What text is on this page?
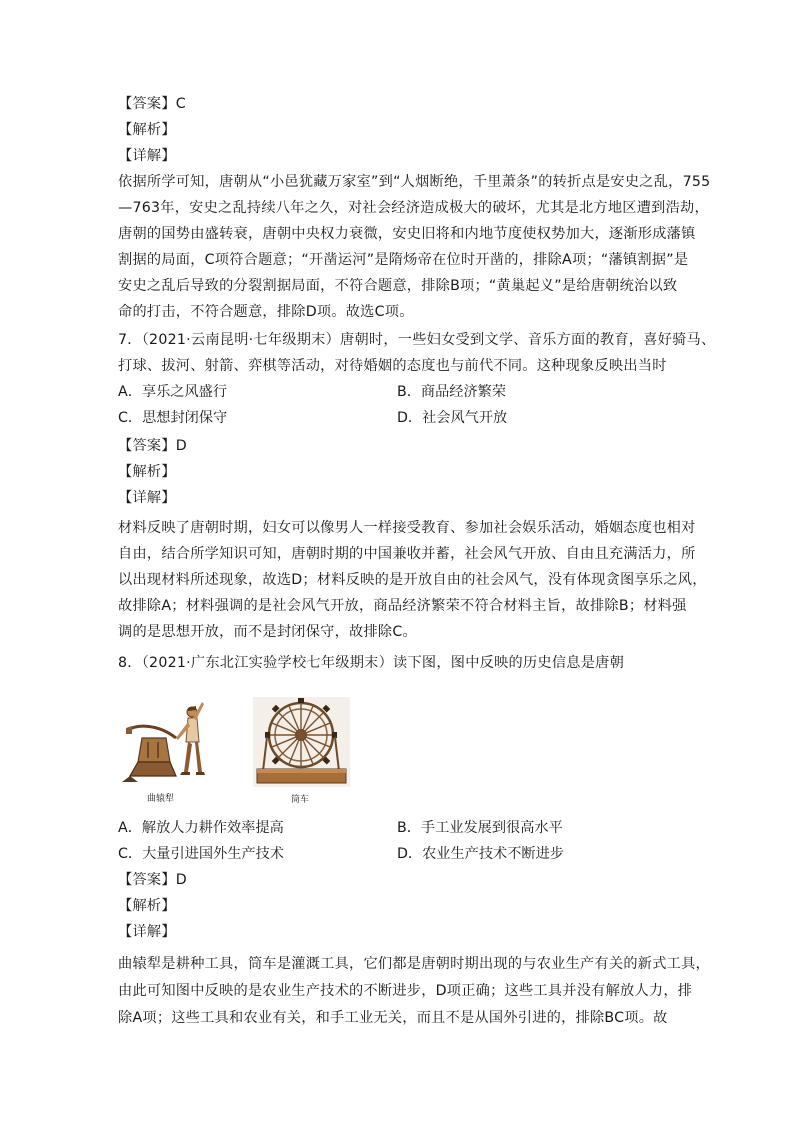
【答案】C
【解析】
【详解】
依据所学可知，唐朝从“小邑犹藏万家室”到“人烟断绝，千里萧条”的转折点是安史之乱，755
—763年，安史之乱持续八年之久，对社会经济造成极大的破坏，尤其是北方地区遭到浩劫，
唐朝的国势由盛转衰，唐朝中央权力衰微，安史旧将和内地节度使权势加大，逐渐形成藩镇
割据的局面，C项符合题意；“开凿运河”是隋炀帝在位时开凿的，排除A项；“藩镇割据”是
安史之乱后导致的分裂割据局面，不符合题意，排除B项；“黄巢起义”是给唐朝统治以致
命的打击，不符合题意，排除D项。故选C项。
7．（2021·云南昆明·七年级期末）唐朝时，一些妇女受到文学、音乐方面的教育，喜好骑马、
打球、拔河、射箭、弈棋等活动，对待婚姻的态度也与前代不同。这种现象反映出当时
A．享乐之风盛行	B．商品经济繁荣
C．思想封闭保守	D．社会风气开放
【答案】D
【解析】
【详解】
材料反映了唐朝时期，妇女可以像男人一样接受教育、参加社会娱乐活动，婚姻态度也相对
自由，结合所学知识可知，唐朝时期的中国兼收并蓄，社会风气开放、自由且充满活力，所
以出现材料所述现象，故选D；材料反映的是开放自由的社会风气，没有体现贪图享乐之风，
故排除A；材料强调的是社会风气开放，商品经济繁荣不符合材料主旨，故排除B；材料强
调的是思想开放，而不是封闭保守，故排除C。
8．（2021·广东北江实验学校七年级期末）读下图，图中反映的历史信息是唐朝
曲辕犁	筒车
A．解放人力耕作效率提高	B．手工业发展到很高水平
C．大量引进国外生产技术	D．农业生产技术不断进步
【答案】D
【解析】
【详解】
曲辕犁是耕种工具，筒车是灌溉工具，它们都是唐朝时期出现的与农业生产有关的新式工具，
由此可知图中反映的是农业生产技术的不断进步，D项正确；这些工具并没有解放人力，排
除A项；这些工具和农业有关，和手工业无关，而且不是从国外引进的，排除BC项。故
